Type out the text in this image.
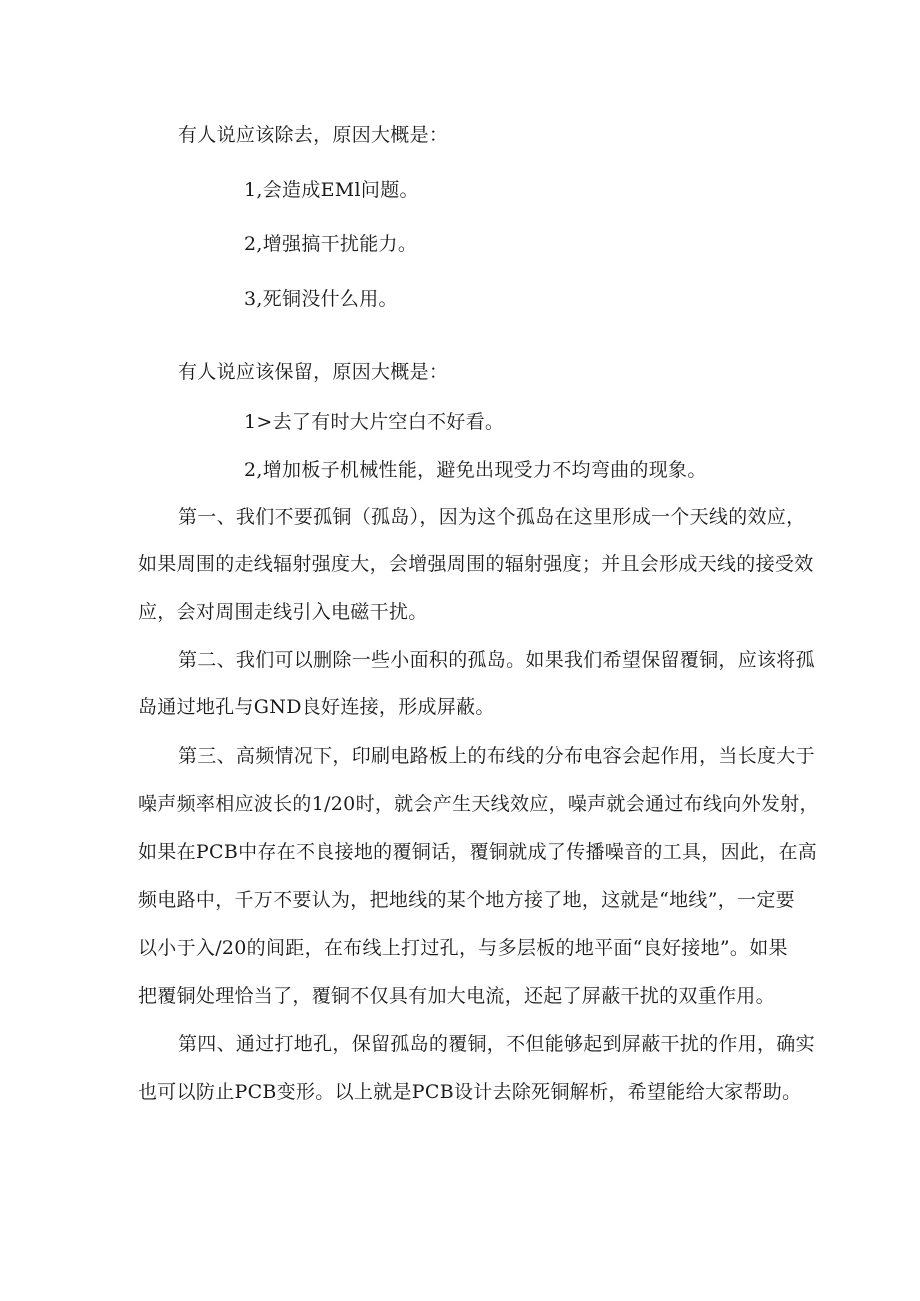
有人说应该除去，原因大概是：
1,会造成EMl问题。
2,增强搞干扰能力。
3,死铜没什么用。
有人说应该保留，原因大概是：
1>去了有时大片空白不好看。
2,增加板子机械性能，避免出现受力不均弯曲的现象。
第一、我们不要孤铜（孤岛），因为这个孤岛在这里形成一个天线的效应，
如果周围的走线辐射强度大，会增强周围的辐射强度；并且会形成天线的接受效
应，会对周围走线引入电磁干扰。
第二、我们可以删除一些小面积的孤岛。如果我们希望保留覆铜，应该将孤
岛通过地孔与GND良好连接，形成屏蔽。
第三、高频情况下，印刷电路板上的布线的分布电容会起作用，当长度大于
噪声频率相应波长的1/20时，就会产生天线效应，噪声就会通过布线向外发射，
如果在PCB中存在不良接地的覆铜话，覆铜就成了传播噪音的工具，因此，在高
频电路中，千万不要认为，把地线的某个地方接了地，这就是“地线”，一定要
以小于入/20的间距，在布线上打过孔，与多层板的地平面“良好接地”。如果
把覆铜处理恰当了，覆铜不仅具有加大电流，还起了屏蔽干扰的双重作用。
第四、通过打地孔，保留孤岛的覆铜，不但能够起到屏蔽干扰的作用，确实
也可以防止PCB变形。以上就是PCB设计去除死铜解析，希望能给大家帮助。
